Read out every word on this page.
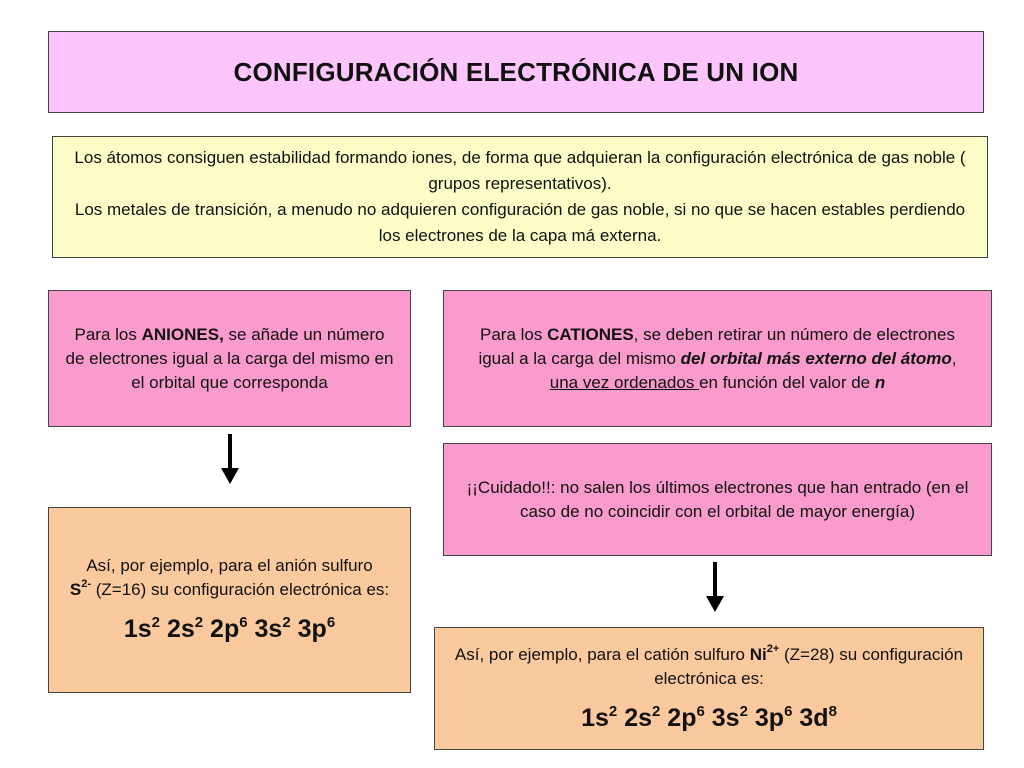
CONFIGURACIÓN ELECTRÓNICA DE UN ION

Los átomos consiguen estabilidad formando iones, de forma que adquieran la configuración electrónica de gas noble ( grupos representativos).

Los metales de transición, a menudo no adquieren configuración de gas noble, si no que se hacen estables perdiendo los electrones de la capa má externa.

Para los ANIONES, se añade un número de electrones igual a la carga del mismo en el orbital que corresponda

Para los CATIONES, se deben retirar un número de electrones igual a la carga del mismo del orbital más externo del átomo, una vez ordenados en función del valor de n

¡¡Cuidado!!: no salen los últimos electrones que han entrado (en el caso de no coincidir con el orbital de mayor energía)

Así, por ejemplo, para el anión sulfuro

$S^{2-}$ (Z=16) su configuración electrónica es:

$1s^2$ $2s^2$ $2p^6$ $3s^2$ $3p^6$

Así, por ejemplo, para el catión sulfuro $Ni^{2+}$ (Z=28) su configuración electrónica es:

$1s^2$ $2s^2$ $2p^6$ $3s^2$ $3p^6$ $3d^8$
